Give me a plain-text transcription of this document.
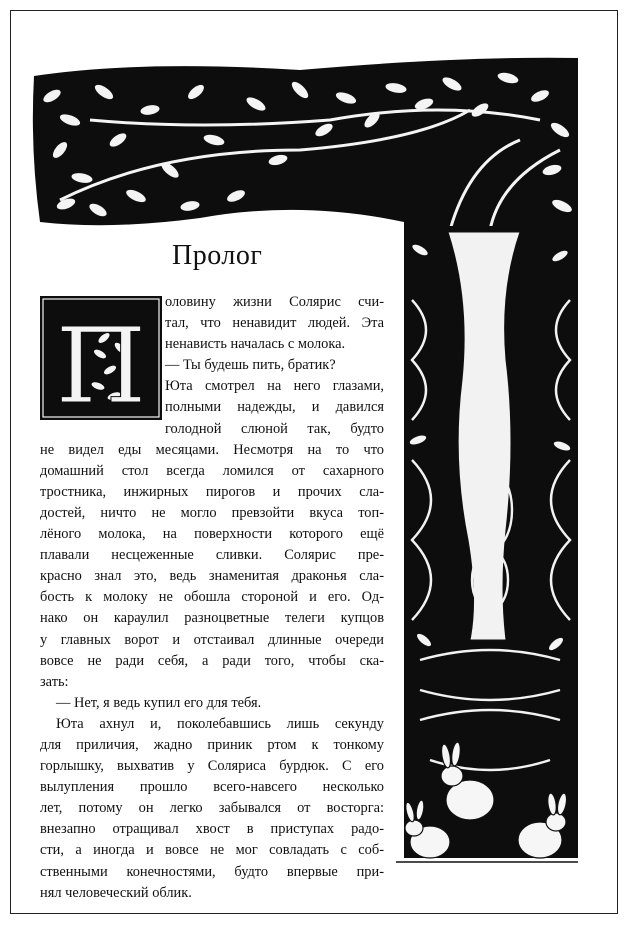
Пролог
П
оловину жизни Солярис счи-
тал, что ненавидит людей. Эта
ненависть началась с молока.
— Ты будешь пить, братик?
Юта смотрел на него глазами,
полными надежды, и давился
голодной слюной так, будто
не видел еды месяцами. Несмотря на то что
домашний стол всегда ломился от сахарного
тростника, инжирных пирогов и прочих сла-
достей, ничто не могло превзойти вкуса топ-
лёного молока, на поверхности которого ещё
плавали несцеженные сливки. Солярис пре-
красно знал это, ведь знаменитая драконья сла-
бость к молоку не обошла стороной и его. Од-
нако он караулил разноцветные телеги купцов
у главных ворот и отстаивал длинные очереди
вовсе не ради себя, а ради того, чтобы ска-
зать:
— Нет, я ведь купил его для тебя.
Юта ахнул и, поколебавшись лишь секунду
для приличия, жадно приник ртом к тонкому
горлышку, выхватив у Соляриса бурдюк. С его
вылупления прошло всего-навсего несколько
лет, потому он легко забывался от восторга:
внезапно отращивал хвост в приступах радо-
сти, а иногда и вовсе не мог совладать с соб-
ственными конечностями, будто впервые при-
нял человеческий облик.
